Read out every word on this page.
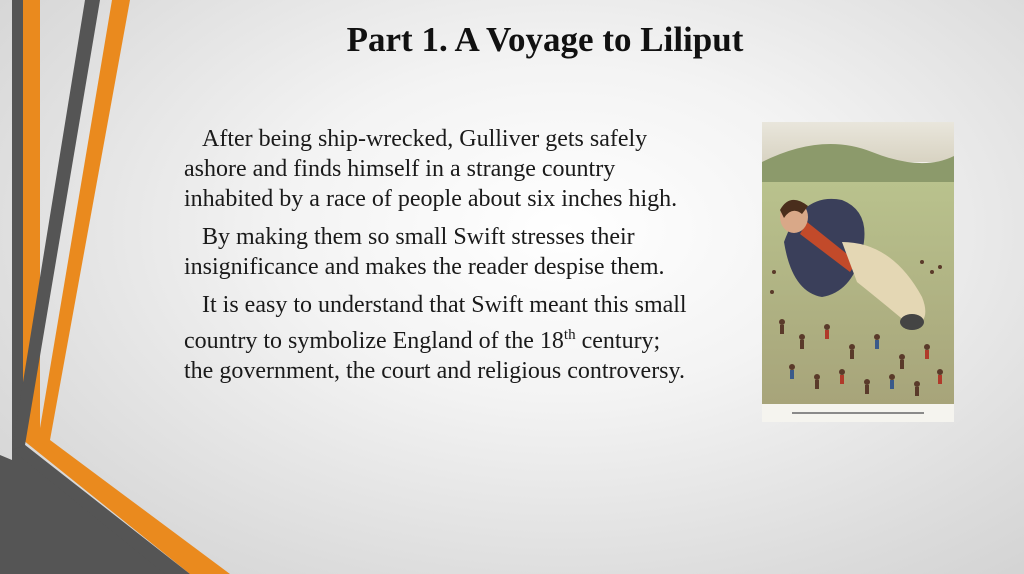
Part 1. A Voyage to Liliput

After being ship-wrecked, Gulliver gets safely ashore and finds himself in a strange country inhabited by a race of people about six inches high.

By making them so small Swift stresses their insignificance and makes the reader despise them.

It is easy to understand that Swift meant this small country to symbolize England of the 18th century; the government, the court and religious controversy.
